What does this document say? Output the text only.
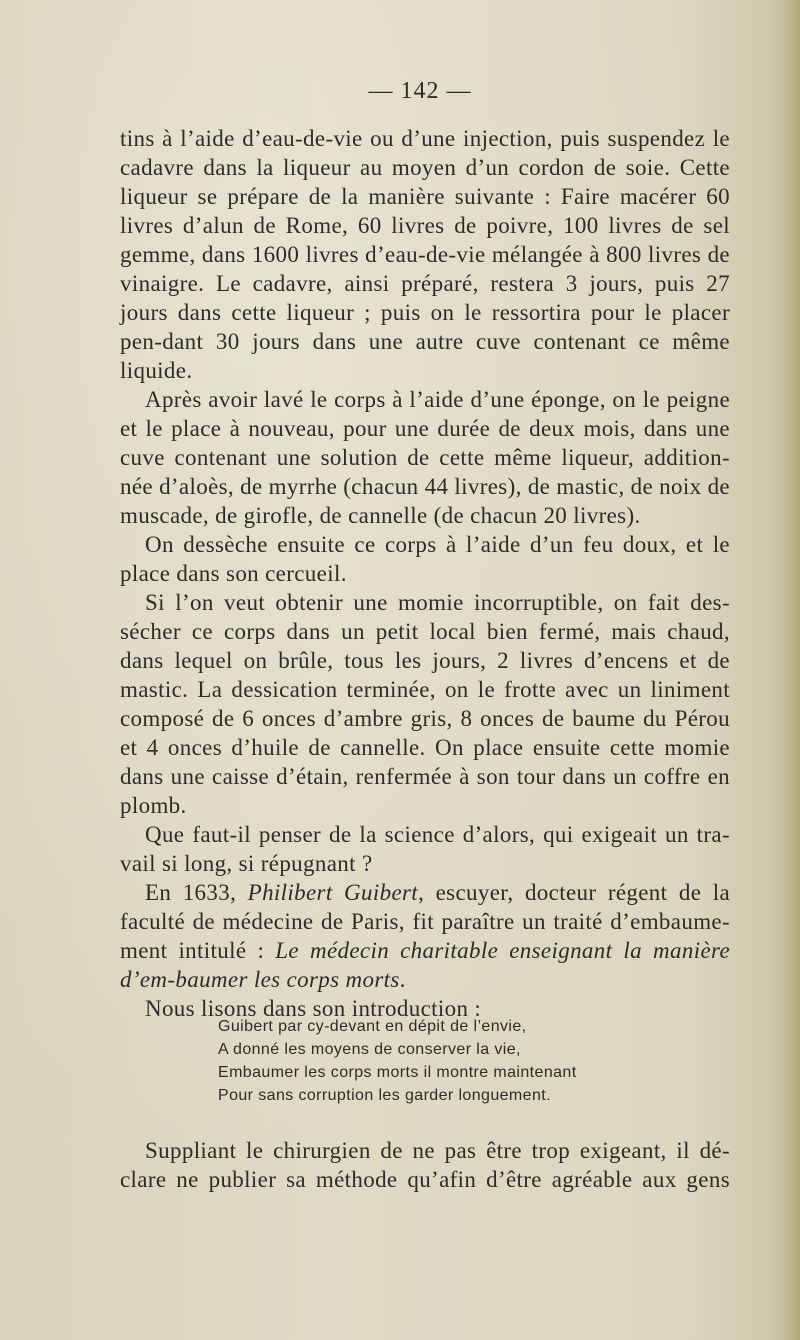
— 142 —

tins à l’aide d’eau-de-vie ou d’une injection, puis suspendez le cadavre dans la liqueur au moyen d’un cordon de soie. Cette liqueur se prépare de la manière suivante : Faire macérer 60 livres d’alun de Rome, 60 livres de poivre, 100 livres de sel gemme, dans 1600 livres d’eau-de-vie mélangée à 800 livres de vinaigre. Le cadavre, ainsi préparé, restera 3 jours, puis 27 jours dans cette liqueur ; puis on le ressortira pour le placer pen-dant 30 jours dans une autre cuve contenant ce même liquide.

Après avoir lavé le corps à l’aide d’une éponge, on le peigne et le place à nouveau, pour une durée de deux mois, dans une cuve contenant une solution de cette même liqueur, addition-née d’aloès, de myrrhe (chacun 44 livres), de mastic, de noix de muscade, de girofle, de cannelle (de chacun 20 livres).

On dessèche ensuite ce corps à l’aide d’un feu doux, et le place dans son cercueil.

Si l’on veut obtenir une momie incorruptible, on fait des-sécher ce corps dans un petit local bien fermé, mais chaud, dans lequel on brûle, tous les jours, 2 livres d’encens et de mastic. La dessication terminée, on le frotte avec un liniment composé de 6 onces d’ambre gris, 8 onces de baume du Pérou et 4 onces d’huile de cannelle. On place ensuite cette momie dans une caisse d’étain, renfermée à son tour dans un coffre en plomb.

Que faut-il penser de la science d’alors, qui exigeait un tra-vail si long, si répugnant ?

En 1633, Philibert Guibert, escuyer, docteur régent de la faculté de médecine de Paris, fit paraître un traité d’embaume-ment intitulé : Le médecin charitable enseignant la manière d’em-baumer les corps morts.

Nous lisons dans son introduction :

Guibert par cy-devant en dépit de l’envie,
A donné les moyens de conserver la vie,
Embaumer les corps morts il montre maintenant
Pour sans corruption les garder longuement.

Suppliant le chirurgien de ne pas être trop exigeant, il dé-clare ne publier sa méthode qu’afin d’être agréable aux gens
